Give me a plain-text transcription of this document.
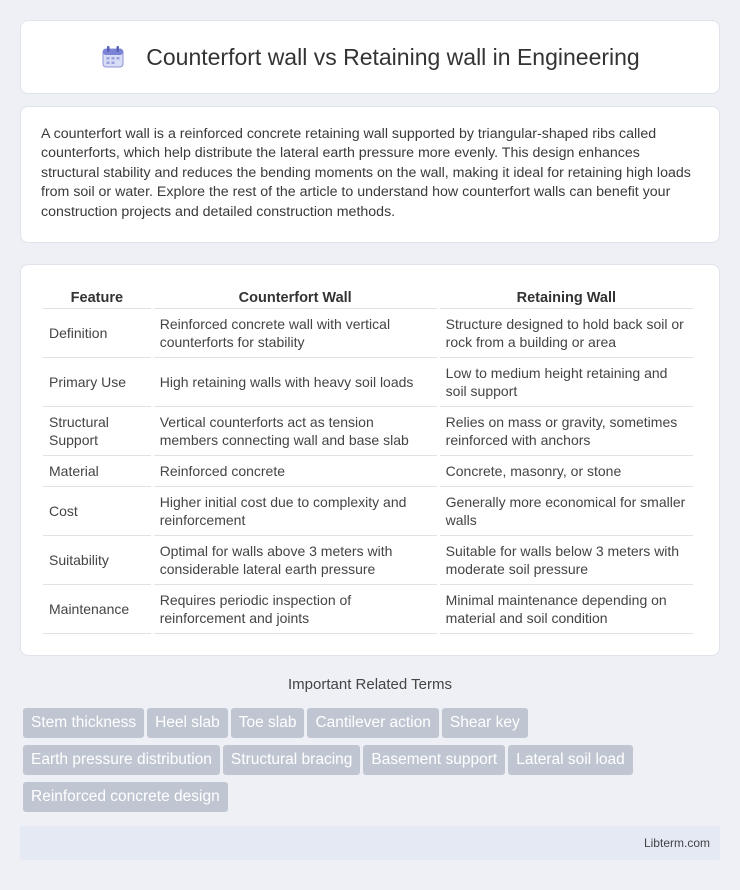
Counterfort wall vs Retaining wall in Engineering

A counterfort wall is a reinforced concrete retaining wall supported by triangular-shaped ribs called counterforts, which help distribute the lateral earth pressure more evenly. This design enhances structural stability and reduces the bending moments on the wall, making it ideal for retaining high loads from soil or water. Explore the rest of the article to understand how counterfort walls can benefit your construction projects and detailed construction methods.

Feature	Counterfort Wall	Retaining Wall
Definition	Reinforced concrete wall with vertical counterforts for stability	Structure designed to hold back soil or rock from a building or area
Primary Use	High retaining walls with heavy soil loads	Low to medium height retaining and soil support
Structural Support	Vertical counterforts act as tension members connecting wall and base slab	Relies on mass or gravity, sometimes reinforced with anchors
Material	Reinforced concrete	Concrete, masonry, or stone
Cost	Higher initial cost due to complexity and reinforcement	Generally more economical for smaller walls
Suitability	Optimal for walls above 3 meters with considerable lateral earth pressure	Suitable for walls below 3 meters with moderate soil pressure
Maintenance	Requires periodic inspection of reinforcement and joints	Minimal maintenance depending on material and soil condition
Important Related Terms
Stem thickness Heel slab Toe slab Cantilever action Shear key
Earth pressure distribution Structural bracing Basement support Lateral soil load
Reinforced concrete design
Libterm.com
